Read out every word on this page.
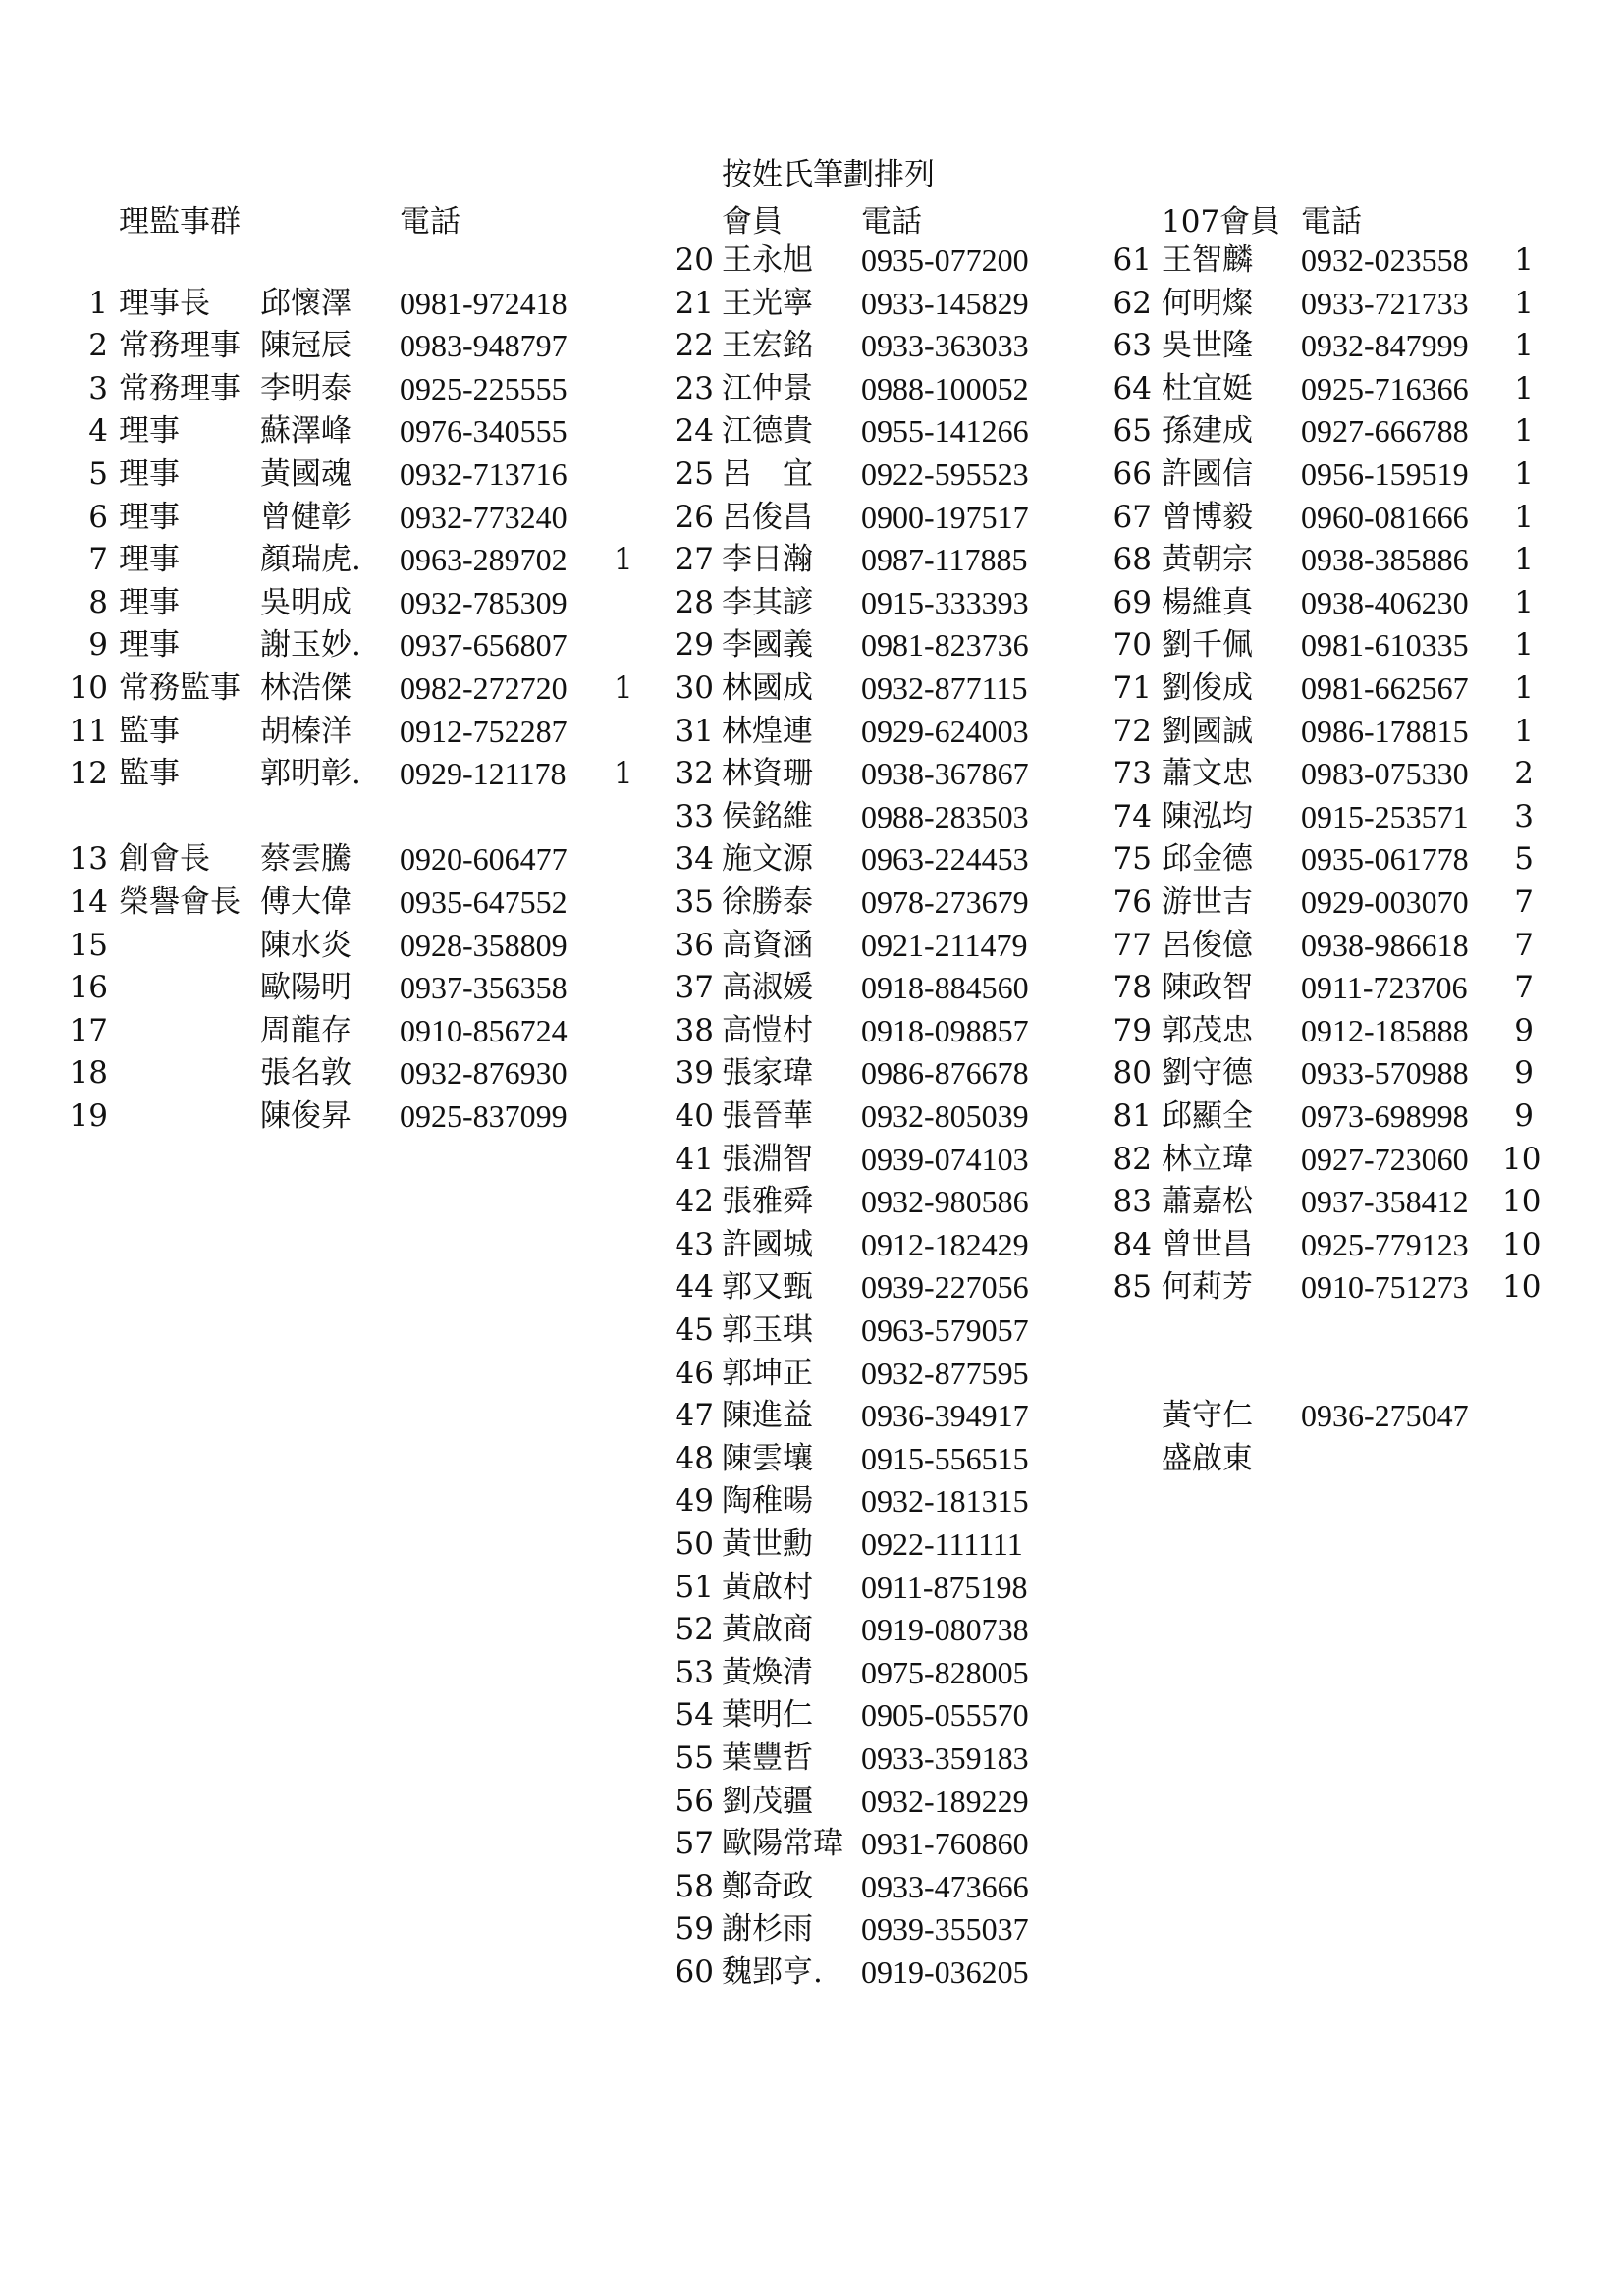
按姓氏筆劃排列
理監事群	電話	會員	電話	107會員 電話
1 理事長 邱懷澤 0981-972418
2 常務理事 陳冠辰 0983-948797
3 常務理事 李明泰 0925-225555
4 理事	蘇澤峰 0976-340555
5 理事	黃國魂 0932-713716
6 理事	曾健彰 0932-773240
7 理事	顏瑞虎. 0963-289702 1
8 理事	吳明成 0932-785309
9 理事	謝玉妙. 0937-656807
10 常務監事 林浩傑 0982-272720 1
11 監事	胡榛洋 0912-752287
12 監事	郭明彰. 0929-121178 1
13 創會長 蔡雲騰 0920-606477
14 榮譽會長 傅大偉 0935-647552
15	陳水炎 0928-358809
16	歐陽明 0937-356358
17	周龍存 0910-856724
18	張名敦 0932-876930
19	陳俊昇 0925-837099
20 王永旭 0935-077200
21 王光寧 0933-145829
22 王宏銘 0933-363033
23 江仲景 0988-100052
24 江德貴 0955-141266
25 呂　宜 0922-595523
26 呂俊昌 0900-197517
27 李日瀚 0987-117885
28 李其諺 0915-333393
29 李國義 0981-823736
30 林國成 0932-877115
31 林煌連 0929-624003
32 林資珊 0938-367867
33 侯銘維 0988-283503
34 施文源 0963-224453
35 徐勝泰 0978-273679
36 高資涵 0921-211479
37 高淑媛 0918-884560
38 高愷村 0918-098857
39 張家瑋 0986-876678
40 張晉華 0932-805039
41 張淵智 0939-074103
42 張雅舜 0932-980586
43 許國城 0912-182429
44 郭又甄 0939-227056
45 郭玉琪 0963-579057
46 郭坤正 0932-877595
47 陳進益 0936-394917
48 陳雲壤 0915-556515
49 陶稚暘 0932-181315
50 黃世勳 0922-111111
51 黃啟村 0911-875198
52 黃啟商 0919-080738
53 黃煥清 0975-828005
54 葉明仁 0905-055570
55 葉豐哲 0933-359183
56 劉茂疆 0932-189229
57 歐陽常瑋 0931-760860
58 鄭奇政 0933-473666
59 謝杉雨 0939-355037
60 魏郢亨. 0919-036205
61 王智麟 0932-023558	1
62 何明燦 0933-721733	1
63 吳世隆 0932-847999	1
64 杜宜娗 0925-716366	1
65 孫建成 0927-666788	1
66 許國信 0956-159519	1
67 曾博毅 0960-081666	1
68 黃朝宗 0938-385886	1
69 楊維真 0938-406230	1
70 劉千佩 0981-610335	1
71 劉俊成 0981-662567	1
72 劉國誠 0986-178815	1
73 蕭文忠 0983-075330	2
74 陳泓均 0915-253571	3
75 邱金德 0935-061778	5
76 游世吉 0929-003070	7
77 呂俊億 0938-986618	7
78 陳政智 0911-723706	7
79 郭茂忠 0912-185888	9
80 劉守德 0933-570988	9
81 邱顯全 0973-698998	9
82 林立瑋 0927-723060 10
83 蕭嘉松 0937-358412 10
84 曾世昌 0925-779123 10
85 何莉芳 0910-751273 10
黃守仁 0936-275047
盛啟東
